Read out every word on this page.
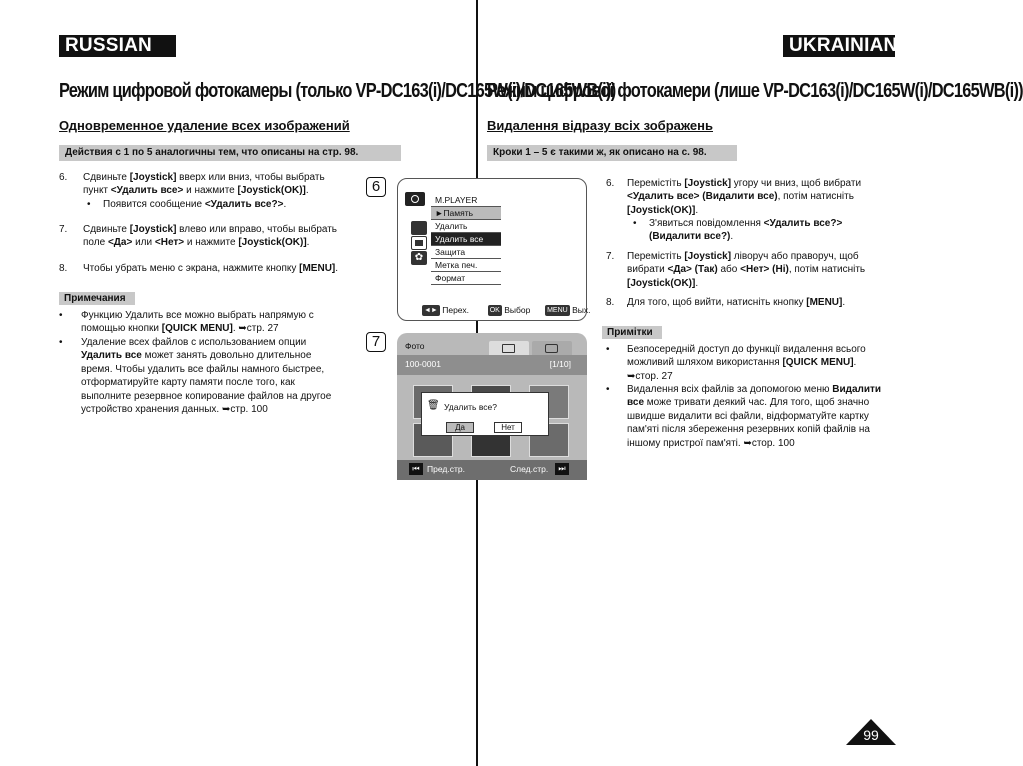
RUSSIAN	UKRAINIAN
Режим цифровой фотокамеры (только VP-DC163(i)/DC165W(i)/DC165WB(i))
Режим цифрової фотокамери (лише VP-DC163(i)/DC165W(i)/DC165WB(i))
Одновременное удаление всех изображений	Видалення відразу всіх зображень
Действия с 1 по 5 аналогичны тем, что описаны на стр. 98.	Кроки 1 – 5 є такими ж, як описано на с. 98.
6. Сдвиньте [Joystick] вверх или вниз, чтобы выбрать
пункт <Удалить все> и нажмите [Joystick(OK)].
• Появится сообщение <Удалить все?>.
7. Сдвиньте [Joystick] влево или вправо, чтобы выбрать
поле <Да> или <Нет> и нажмите [Joystick(OK)].
8. Чтобы убрать меню с экрана, нажмите кнопку [MENU].
Примечания
• Функцию Удалить все можно выбрать напрямую с
помощью кнопки [QUICK MENU]. ➥стр. 27
• Удаление всех файлов с использованием опции
Удалить все может занять довольно длительное
время. Чтобы удалить все файлы намного быстрее,
отформатируйте карту памяти после того, как
выполните резервное копирование файлов на другое
устройство хранения данных. ➥стр. 100
6
✿
M.PLAYER
►Память
Удалить
Удалить все
Защита
Метка печ.
Формат
◄► Перех.	OK Выбор MENU Вых.
7	Фото
100-0001	[1/10]
🗑 Удалить все?
Да	Нет
⏮ Пред.стр.	След.стр.	⏭
6. Перемістіть [Joystick] угору чи вниз, щоб вибрати
<Удалить все> (Видалити все), потім натисніть
[Joystick(OK)].
• З'явиться повідомлення <Удалить все?>
(Видалити все?).
7. Перемістіть [Joystick] ліворуч або праворуч, щоб
вибрати <Да> (Так) або <Нет> (Ні), потім натисніть
[Joystick(OK)].
8. Для того, щоб вийти, натисніть кнопку [MENU].
Примітки
• Безпосередній доступ до функції видалення всього
можливий шляхом використання [QUICK MENU].
➥стор. 27
• Видалення всіх файлів за допомогою меню Видалити
все може тривати деякий час. Для того, щоб значно
швидше видалити всі файли, відформатуйте картку
пам'яті після збереження резервних копій файлів на
іншому пристрої пам'яті. ➥стор. 100
99
